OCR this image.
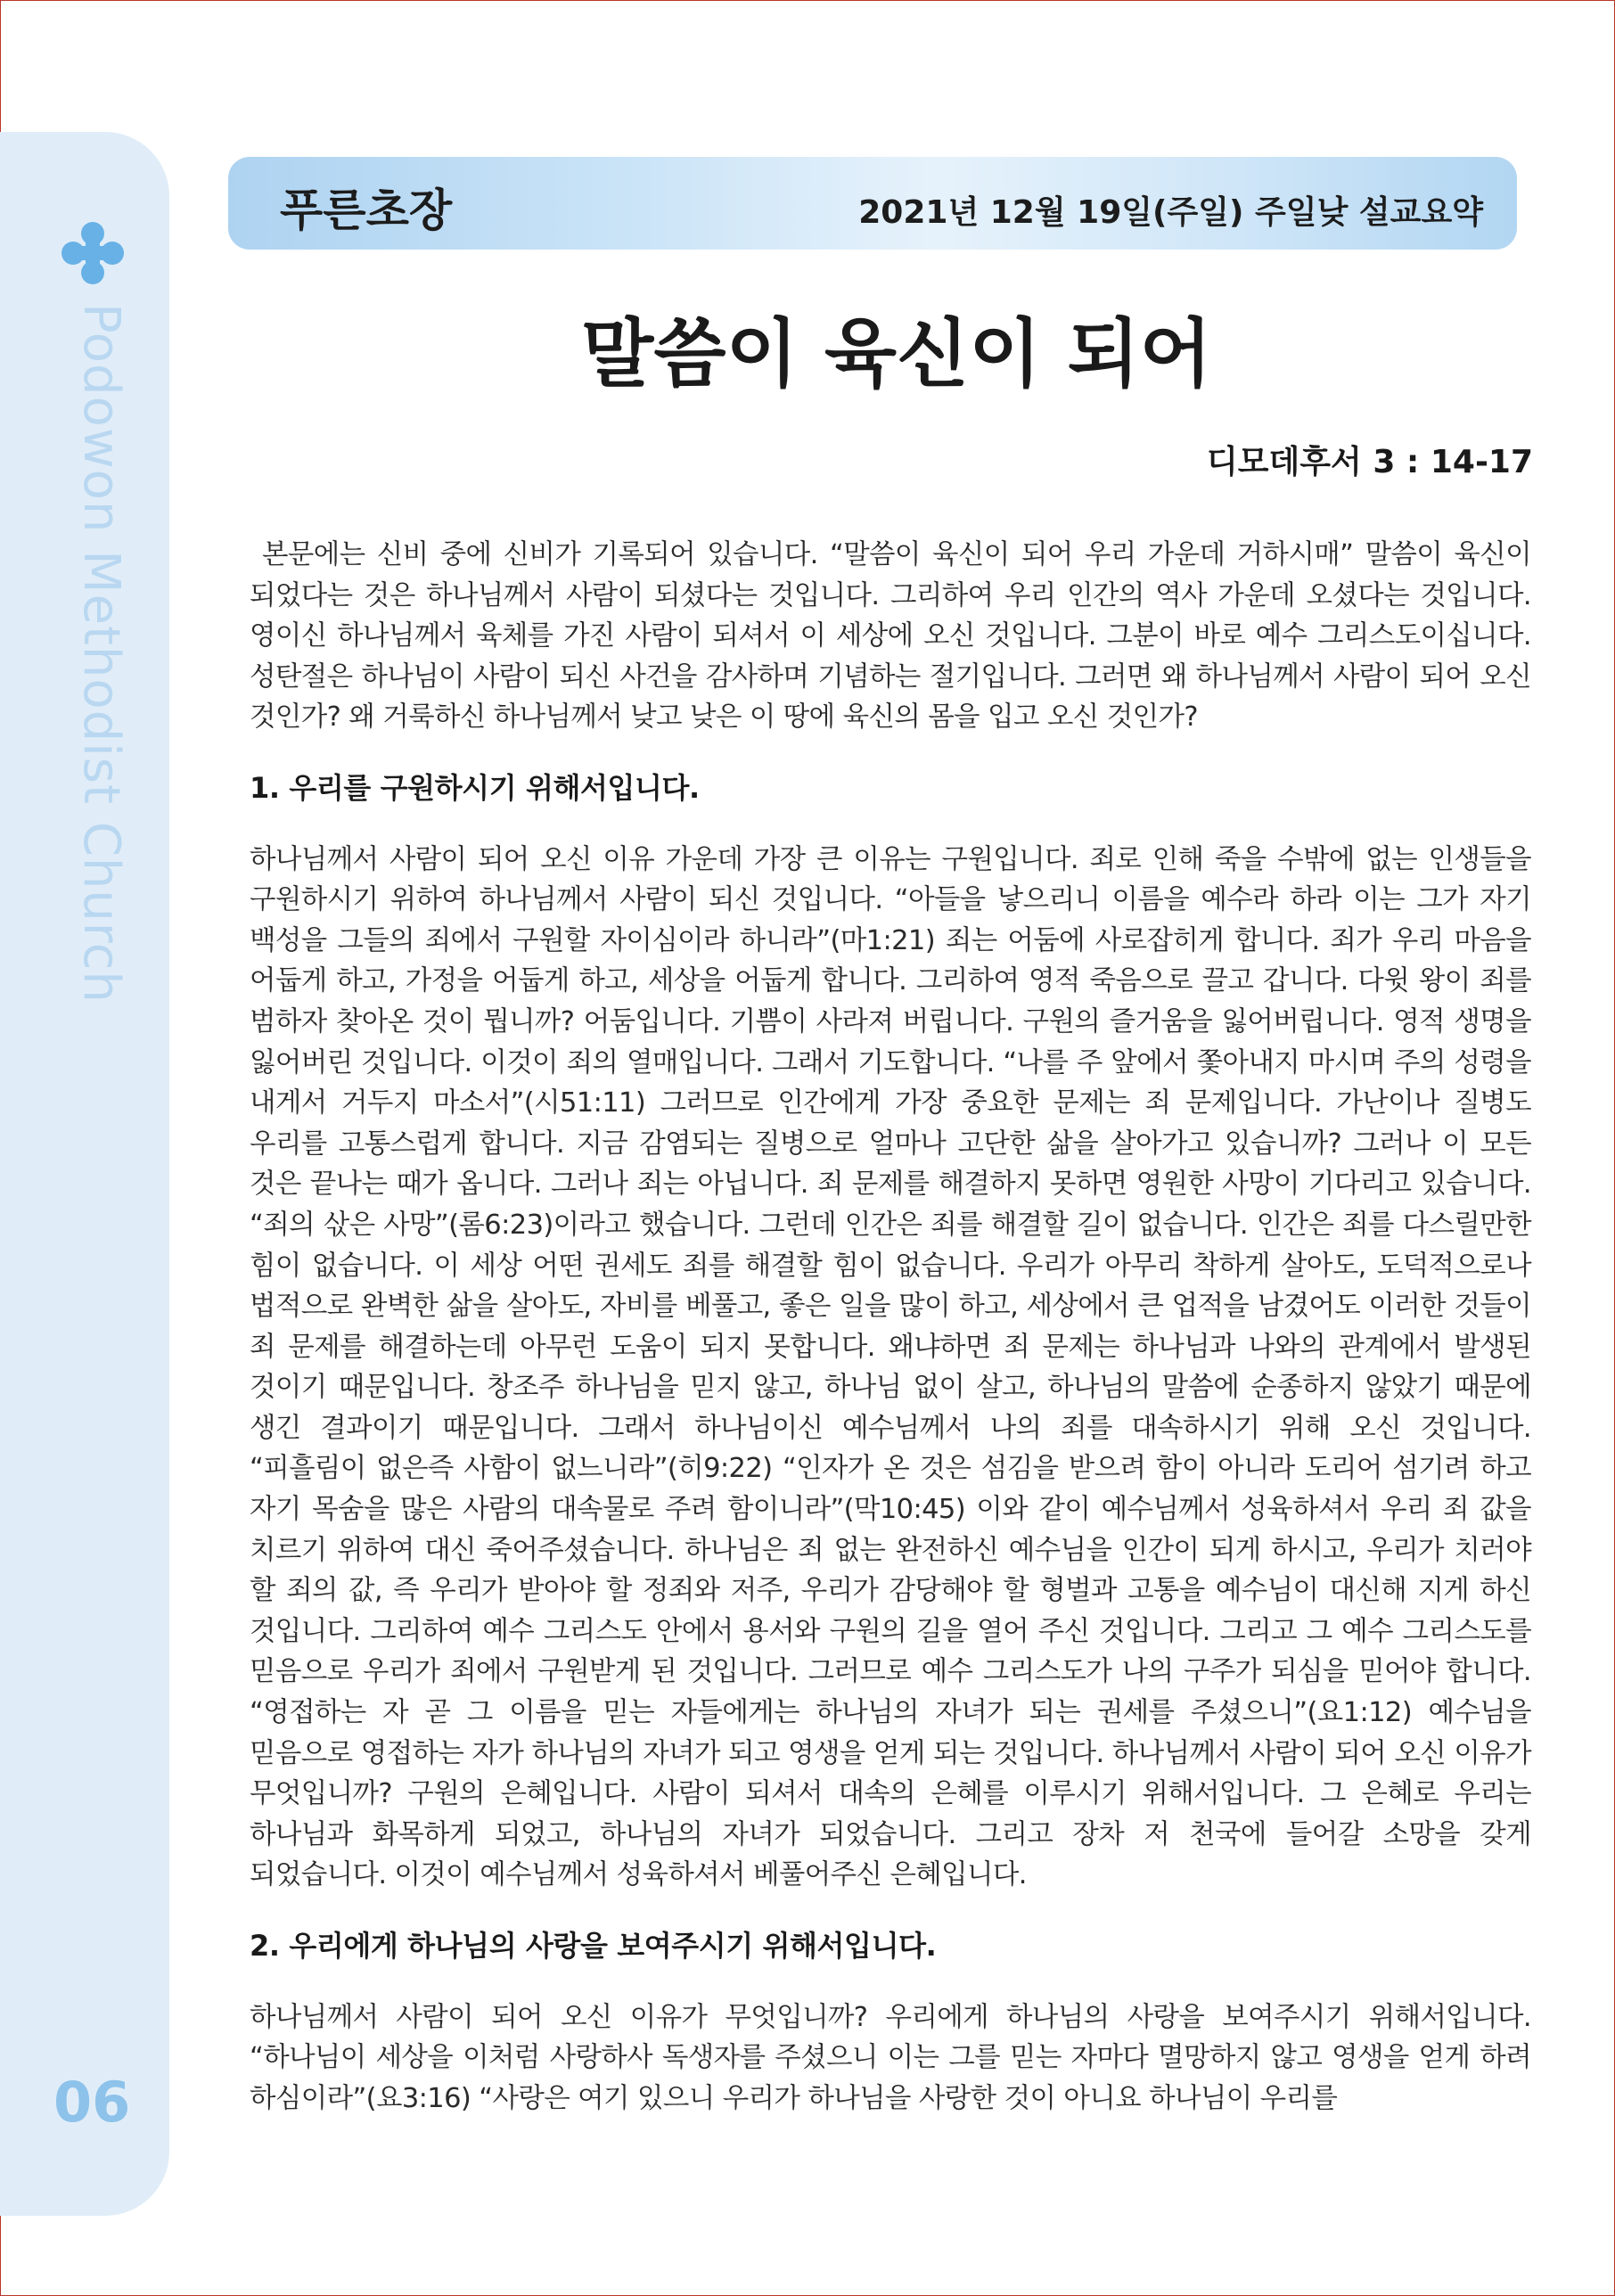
Podowon Methodist Church
06
푸른초장	2021년 12월 19일(주일) 주일낮 설교요약
말씀이 육신이 되어
디모데후서 3 : 14-17

본문에는 신비 중에 신비가 기록되어 있습니다. “말씀이 육신이 되어 우리 가운데 거하시매” 말씀이 육신이 되었다는 것은 하나님께서 사람이 되셨다는 것입니다. 그리하여 우리 인간의 역사 가운데 오셨다는 것입니다. 영이신 하나님께서 육체를 가진 사람이 되셔서 이 세상에 오신 것입니다. 그분이 바로 예수 그리스도이십니다. 성탄절은 하나님이 사람이 되신 사건을 감사하며 기념하는 절기입니다. 그러면 왜 하나님께서 사람이 되어 오신 것인가? 왜 거룩하신 하나님께서 낮고 낮은 이 땅에 육신의 몸을 입고 오신 것인가?

1. 우리를 구원하시기 위해서입니다.

하나님께서 사람이 되어 오신 이유 가운데 가장 큰 이유는 구원입니다. 죄로 인해 죽을 수밖에 없는 인생들을 구원하시기 위하여 하나님께서 사람이 되신 것입니다. “아들을 낳으리니 이름을 예수라 하라 이는 그가 자기 백성을 그들의 죄에서 구원할 자이심이라 하니라”(마1:21) 죄는 어둠에 사로잡히게 합니다. 죄가 우리 마음을 어둡게 하고, 가정을 어둡게 하고, 세상을 어둡게 합니다. 그리하여 영적 죽음으로 끌고 갑니다. 다윗 왕이 죄를 범하자 찾아온 것이 뭡니까? 어둠입니다. 기쁨이 사라져 버립니다. 구원의 즐거움을 잃어버립니다. 영적 생명을 잃어버린 것입니다. 이것이 죄의 열매입니다. 그래서 기도합니다. “나를 주 앞에서 쫓아내지 마시며 주의 성령을 내게서 거두지 마소서”(시51:11) 그러므로 인간에게 가장 중요한 문제는 죄 문제입니다. 가난이나 질병도 우리를 고통스럽게 합니다. 지금 감염되는 질병으로 얼마나 고단한 삶을 살아가고 있습니까? 그러나 이 모든 것은 끝나는 때가 옵니다. 그러나 죄는 아닙니다. 죄 문제를 해결하지 못하면 영원한 사망이 기다리고 있습니다. “죄의 삯은 사망”(롬6:23)이라고 했습니다. 그런데 인간은 죄를 해결할 길이 없습니다. 인간은 죄를 다스릴만한 힘이 없습니다. 이 세상 어떤 권세도 죄를 해결할 힘이 없습니다. 우리가 아무리 착하게 살아도, 도덕적으로나 법적으로 완벽한 삶을 살아도, 자비를 베풀고, 좋은 일을 많이 하고, 세상에서 큰 업적을 남겼어도 이러한 것들이 죄 문제를 해결하는데 아무런 도움이 되지 못합니다. 왜냐하면 죄 문제는 하나님과 나와의 관계에서 발생된 것이기 때문입니다. 창조주 하나님을 믿지 않고, 하나님 없이 살고, 하나님의 말씀에 순종하지 않았기 때문에 생긴 결과이기 때문입니다. 그래서 하나님이신 예수님께서 나의 죄를 대속하시기 위해 오신 것입니다. “피흘림이 없은즉 사함이 없느니라”(히9:22) “인자가 온 것은 섬김을 받으려 함이 아니라 도리어 섬기려 하고 자기 목숨을 많은 사람의 대속물로 주려 함이니라”(막10:45) 이와 같이 예수님께서 성육하셔서 우리 죄 값을 치르기 위하여 대신 죽어주셨습니다. 하나님은 죄 없는 완전하신 예수님을 인간이 되게 하시고, 우리가 치러야 할 죄의 값, 즉 우리가 받아야 할 정죄와 저주, 우리가 감당해야 할 형벌과 고통을 예수님이 대신해 지게 하신 것입니다. 그리하여 예수 그리스도 안에서 용서와 구원의 길을 열어 주신 것입니다. 그리고 그 예수 그리스도를 믿음으로 우리가 죄에서 구원받게 된 것입니다. 그러므로 예수 그리스도가 나의 구주가 되심을 믿어야 합니다. “영접하는 자 곧 그 이름을 믿는 자들에게는 하나님의 자녀가 되는 권세를 주셨으니”(요1:12) 예수님을 믿음으로 영접하는 자가 하나님의 자녀가 되고 영생을 얻게 되는 것입니다. 하나님께서 사람이 되어 오신 이유가 무엇입니까? 구원의 은혜입니다. 사람이 되셔서 대속의 은혜를 이루시기 위해서입니다. 그 은혜로 우리는 하나님과 화목하게 되었고, 하나님의 자녀가 되었습니다. 그리고 장차 저 천국에 들어갈 소망을 갖게 되었습니다. 이것이 예수님께서 성육하셔서 베풀어주신 은혜입니다.

2. 우리에게 하나님의 사랑을 보여주시기 위해서입니다.

하나님께서 사람이 되어 오신 이유가 무엇입니까? 우리에게 하나님의 사랑을 보여주시기 위해서입니다. “하나님이 세상을 이처럼 사랑하사 독생자를 주셨으니 이는 그를 믿는 자마다 멸망하지 않고 영생을 얻게 하려 하심이라”(요3:16) “사랑은 여기 있으니 우리가 하나님을 사랑한 것이 아니요 하나님이 우리를
